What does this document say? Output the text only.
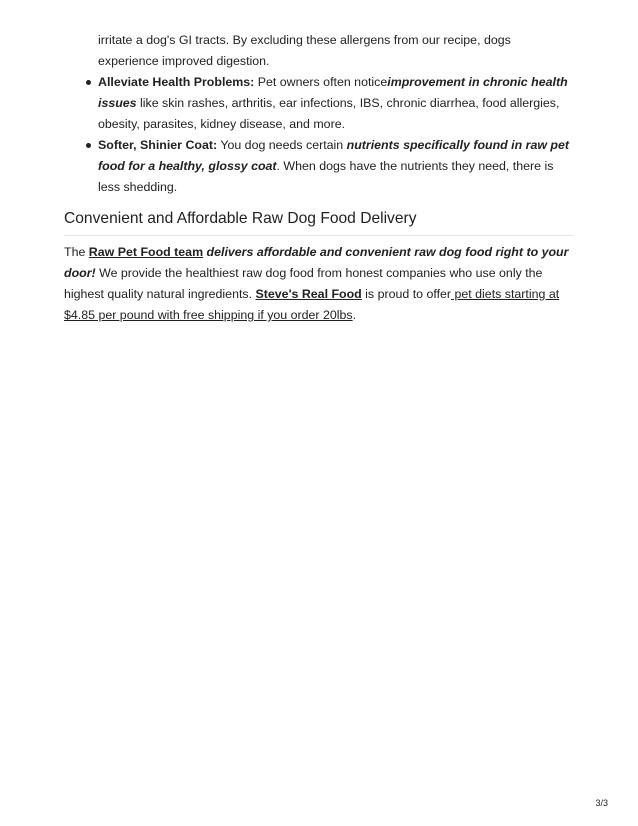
irritate a dog's GI tracts. By excluding these allergens from our recipe, dogs experience improved digestion.

Alleviate Health Problems: Pet owners often noticeimprovement in chronic health issues like skin rashes, arthritis, ear infections, IBS, chronic diarrhea, food allergies, obesity, parasites, kidney disease, and more.
Softer, Shinier Coat: You dog needs certain nutrients specifically found in raw pet food for a healthy, glossy coat. When dogs have the nutrients they need, there is less shedding.
Convenient and Affordable Raw Dog Food Delivery

The Raw Pet Food team delivers affordable and convenient raw dog food right to your door! We provide the healthiest raw dog food from honest companies who use only the highest quality natural ingredients. Steve's Real Food is proud to offer pet diets starting at $4.85 per pound with free shipping if you order 20lbs.

3/3
